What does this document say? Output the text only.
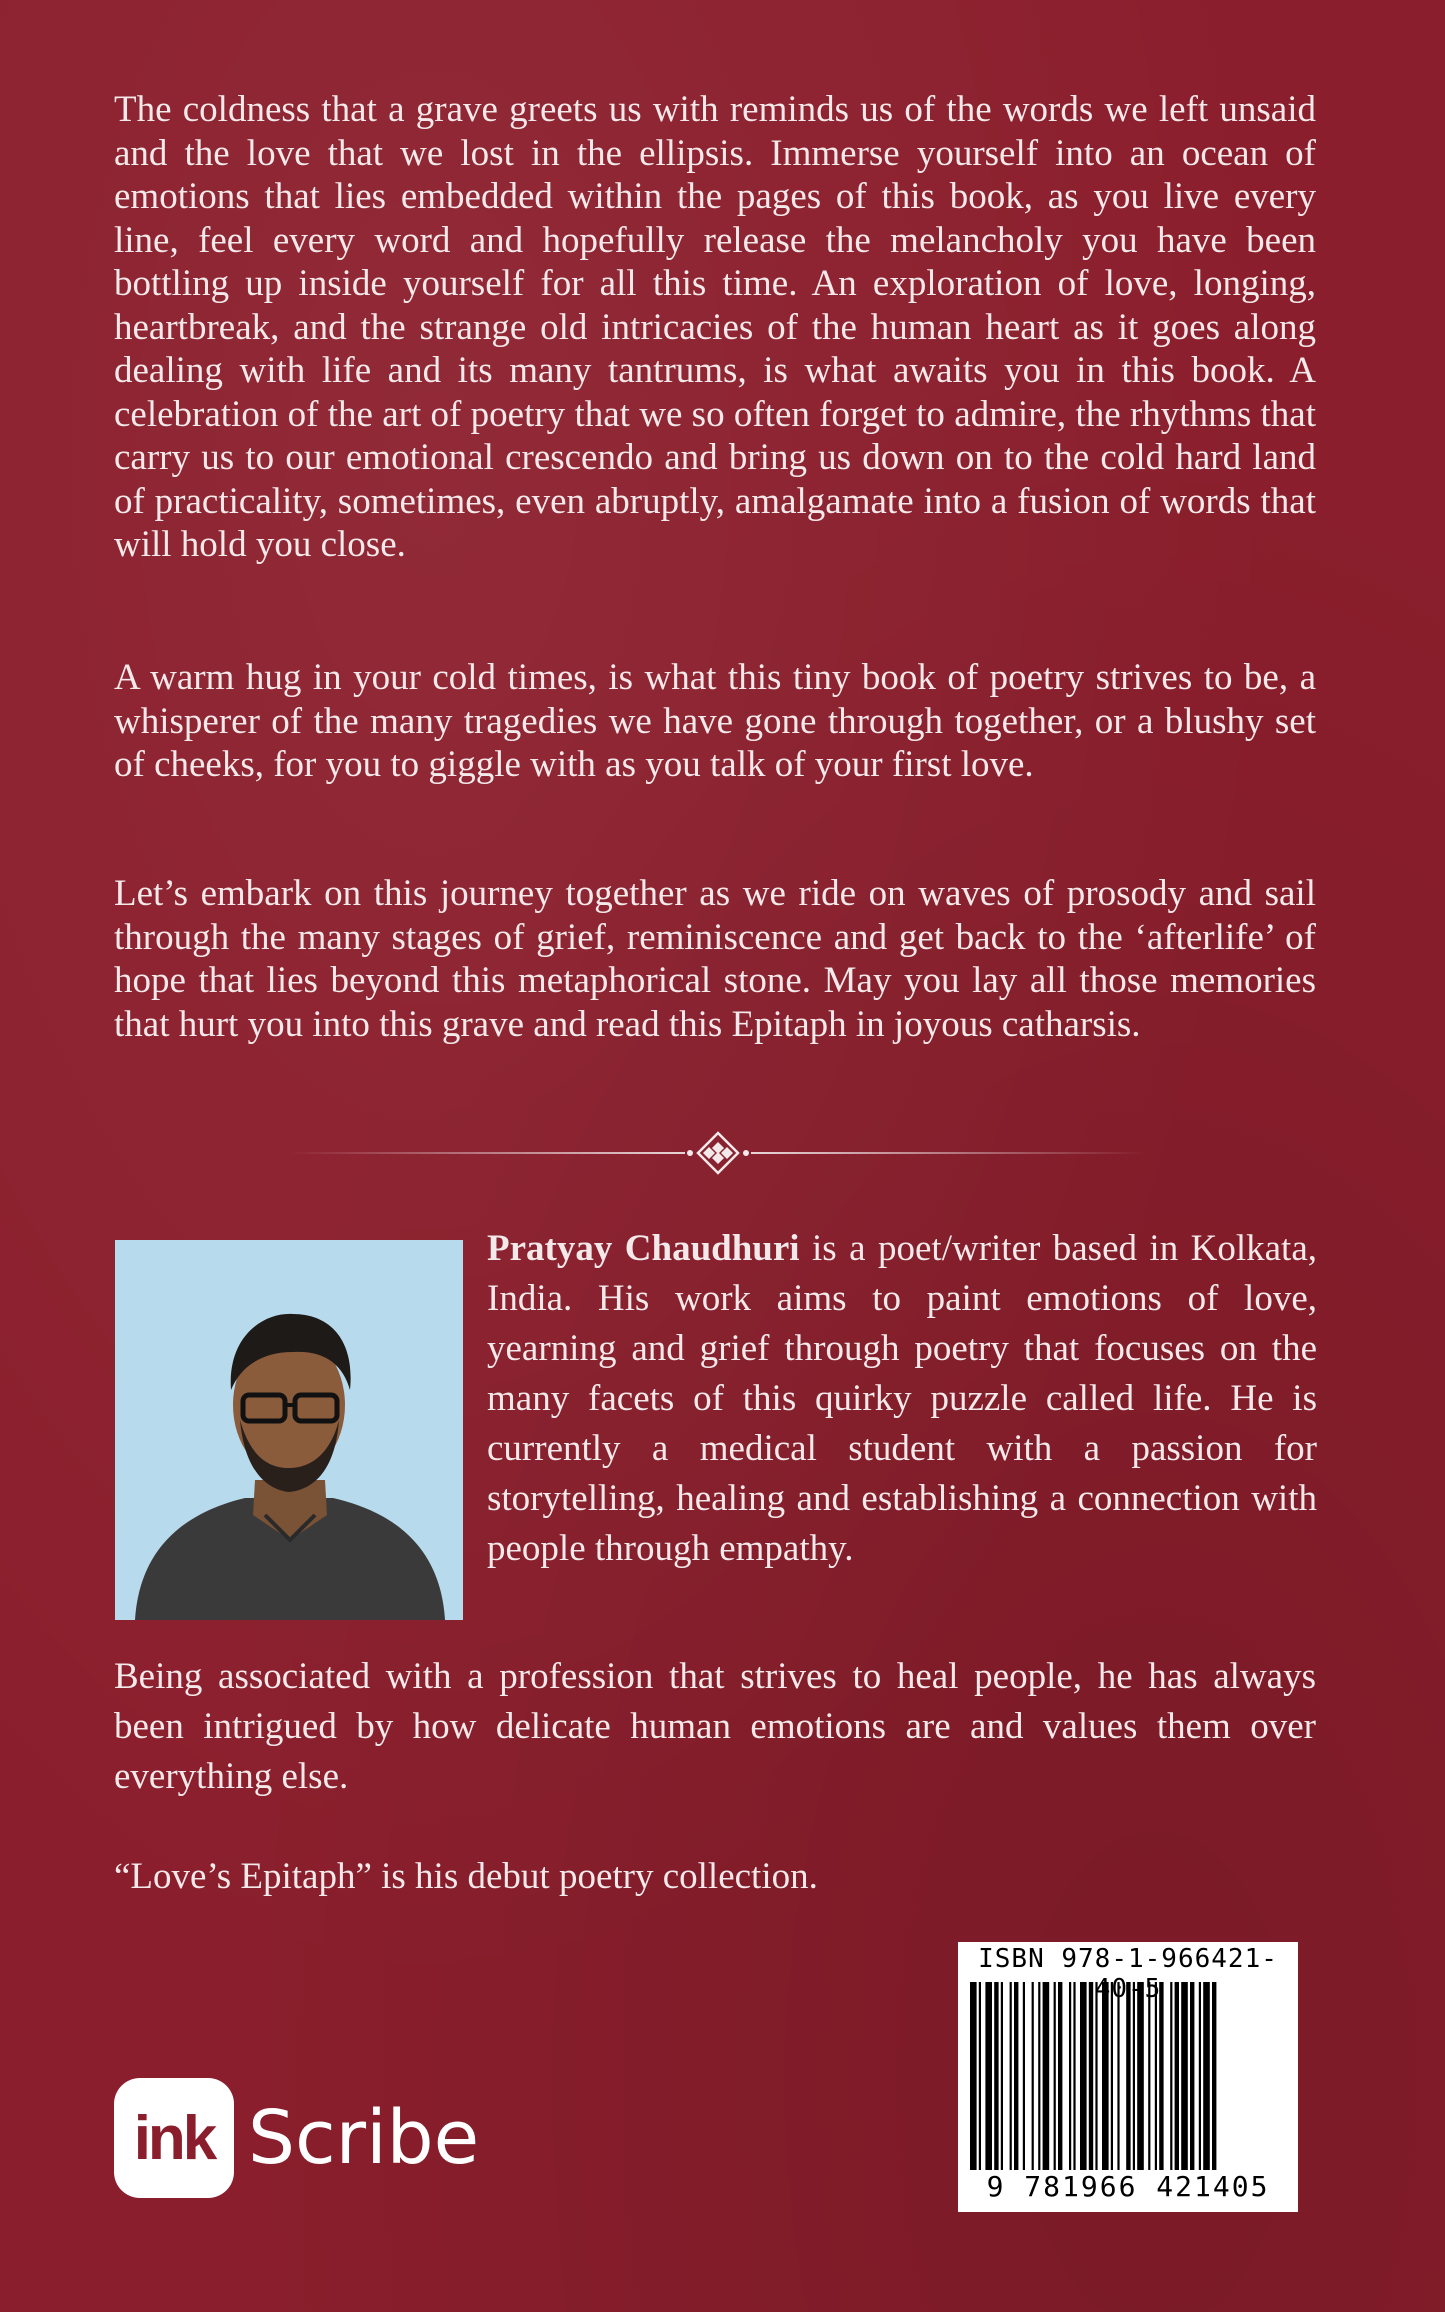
The coldness that a grave greets us with reminds us of the words we left unsaid and the love that we lost in the ellipsis. Immerse yourself into an ocean of emotions that lies embedded within the pages of this book, as you live every line, feel every word and hopefully release the melancholy you have been bottling up inside yourself for all this time. An exploration of love, longing, heartbreak, and the strange old intricacies of the human heart as it goes along dealing with life and its many tantrums, is what awaits you in this book. A celebration of the art of poetry that we so often forget to admire, the rhythms that carry us to our emotional crescendo and bring us down on to the cold hard land of practicality, sometimes, even abruptly, amalgamate into a fusion of words that will hold you close.

A warm hug in your cold times, is what this tiny book of poetry strives to be, a whisperer of the many tragedies we have gone through together, or a blushy set of cheeks, for you to giggle with as you talk of your first love.

Let’s embark on this journey together as we ride on waves of prosody and sail through the many stages of grief, reminiscence and get back to the ‘afterlife’ of hope that lies beyond this metaphorical stone. May you lay all those memories that hurt you into this grave and read this Epitaph in joyous catharsis.

Pratyay Chaudhuri is a poet/writer based in Kolkata, India. His work aims to paint emotions of love, yearning and grief through poetry that focuses on the many facets of this quirky puzzle called life. He is currently a medical student with a passion for storytelling, healing and establishing a connection with people through empathy.

Being associated with a profession that strives to heal people, he has always been intrigued by how delicate human emotions are and values them over everything else.

“Love’s Epitaph” is his debut poetry collection.

ink Scribe
ISBN 978-1-966421- 0-5
9 781966 421405
